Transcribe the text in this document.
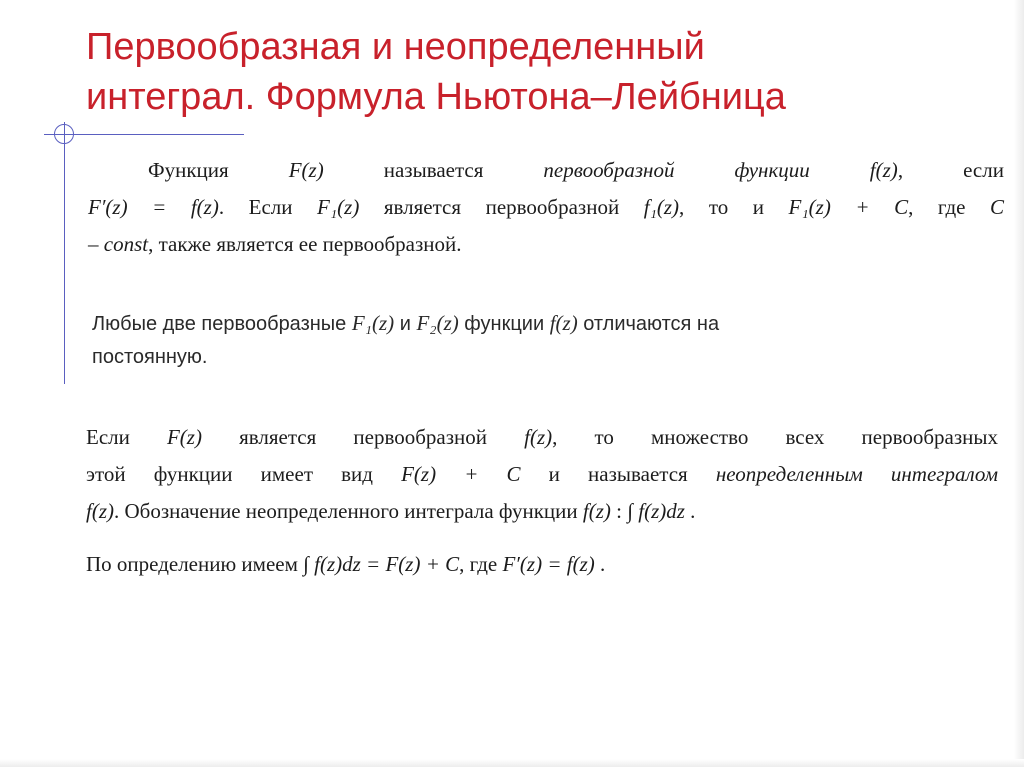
Первообразная и неопределенный
интеграл. Формула Ньютона–Лейбница
Функция F(z) называется первообразной функции f(z), если
F′(z) = f(z). Если F₁(z) является первообразной f₁(z), то и F₁(z) + C, где C
– const, также является ее первообразной.
Любые две первообразные F₁(z) и F₂(z) функции f(z) отличаются на
постоянную.
Если F(z) является первообразной f(z), то множество всех первообразных
этой функции имеет вид F(z) + C и называется неопределенным интегралом
f(z). Обозначение неопределенного интеграла функции f(z) : ∫ f(z)dz .
По определению имеем ∫ f(z)dz = F(z) + C, где F′(z) = f(z) .
